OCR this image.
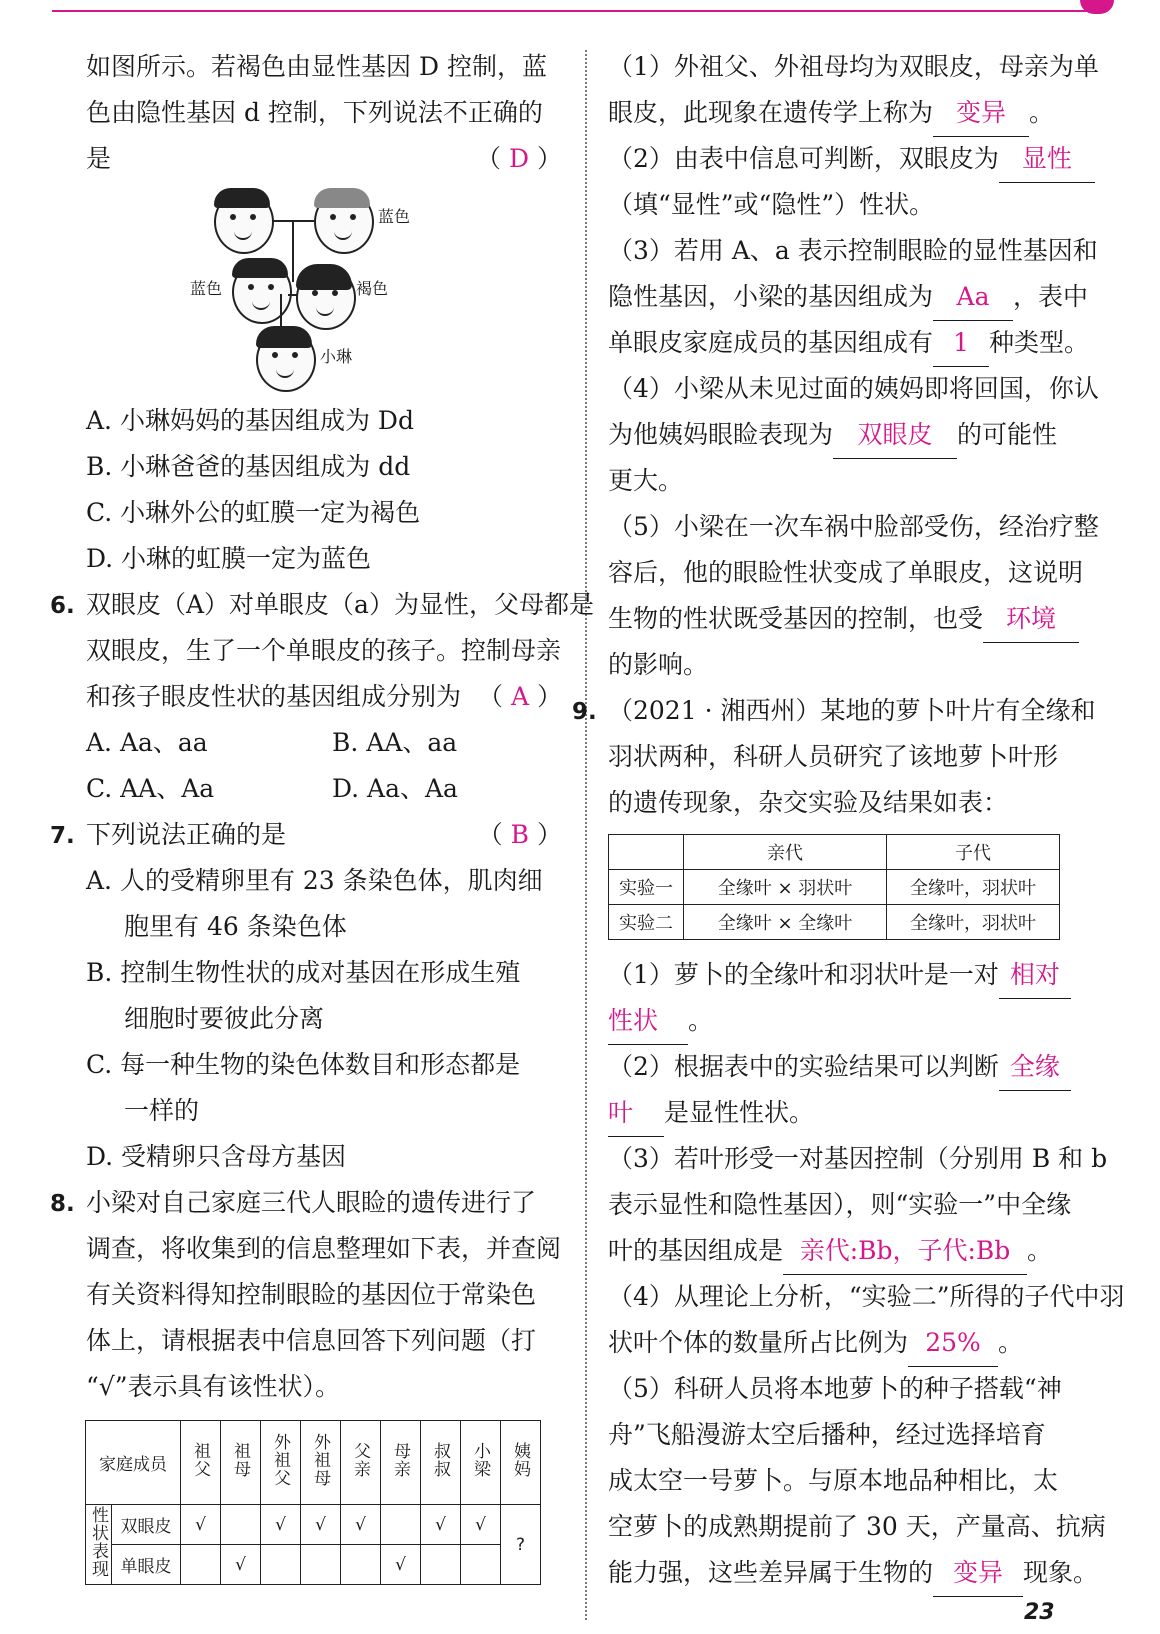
如图所示。若褐色由显性基因 D 控制，蓝
色由隐性基因 d 控制，下列说法不正确的
是	（ D ）
蓝色
蓝色	褐色
小琳
A. 小琳妈妈的基因组成为 Dd
B. 小琳爸爸的基因组成为 dd
C. 小琳外公的虹膜一定为褐色
D. 小琳的虹膜一定为蓝色
6. 双眼皮（A）对单眼皮（a）为显性，父母都是
双眼皮，生了一个单眼皮的孩子。控制母亲
和孩子眼皮性状的基因组成分别为 （ A ）
A. Aa、aa	B. AA、aa
C. AA、Aa	D. Aa、Aa
7. 下列说法正确的是	（ B ）
A. 人的受精卵里有 23 条染色体，肌肉细
胞里有 46 条染色体
B. 控制生物性状的成对基因在形成生殖
细胞时要彼此分离
C. 每一种生物的染色体数目和形态都是
一样的
D. 受精卵只含母方基因
8. 小梁对自己家庭三代人眼睑的遗传进行了
调查，将收集到的信息整理如下表，并查阅
有关资料得知控制眼睑的基因位于常染色
体上，请根据表中信息回答下列问题（打
“√”表示具有该性状）。
家庭成员		祖父	祖母	外祖父	外祖母	父亲	母亲	叔叔	小梁	姨妈
性状表现	双眼皮	√		√	√	√		√	√	?
	单眼皮		√				√			
（1）外祖父、外祖母均为双眼皮，母亲为单
眼皮，此现象在遗传学上称为 变异 。
（2）由表中信息可判断，双眼皮为 显性
（填“显性”或“隐性”）性状。
（3）若用 A、a 表示控制眼睑的显性基因和
隐性基因，小梁的基因组成为 Aa ，表中
单眼皮家庭成员的基因组成有 1 种类型。
（4）小梁从未见过面的姨妈即将回国，你认
为他姨妈眼睑表现为 双眼皮 的可能性
更大。
（5）小梁在一次车祸中脸部受伤，经治疗整
容后，他的眼睑性状变成了单眼皮，这说明
生物的性状既受基因的控制，也受 环境
的影响。
9. （2021 · 湘西州）某地的萝卜叶片有全缘和
羽状两种，科研人员研究了该地萝卜叶形
的遗传现象，杂交实验及结果如表：
	亲代	子代
实验一	全缘叶 × 羽状叶	全缘叶，羽状叶
实验二	全缘叶 × 全缘叶	全缘叶，羽状叶
（1）萝卜的全缘叶和羽状叶是一对 相对
性状 。
（2）根据表中的实验结果可以判断 全缘
叶 是显性性状。
（3）若叶形受一对基因控制（分别用 B 和 b
表示显性和隐性基因），则“实验一”中全缘
叶的基因组成是 亲代:Bb，子代:Bb 。
（4）从理论上分析，“实验二”所得的子代中羽
状叶个体的数量所占比例为 25% 。
（5）科研人员将本地萝卜的种子搭载“神
舟”飞船漫游太空后播种，经过选择培育
成太空一号萝卜。与原本地品种相比，太
空萝卜的成熟期提前了 30 天，产量高、抗病
能力强，这些差异属于生物的 变异 现象。
23
